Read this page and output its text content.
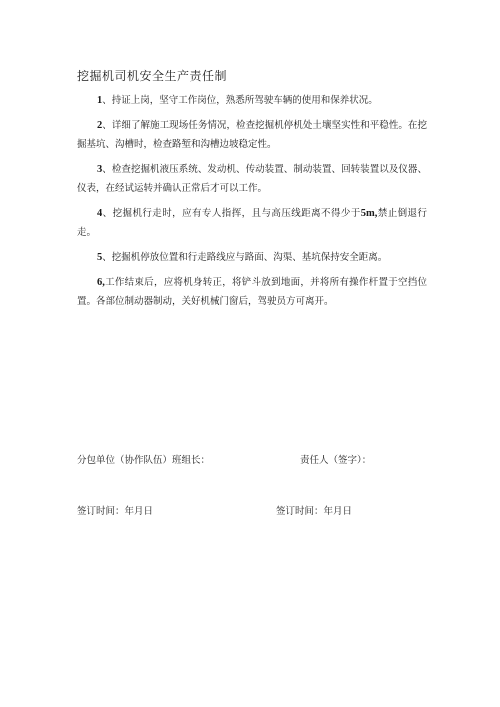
挖掘机司机安全生产责任制

1、持证上岗，坚守工作岗位，熟悉所驾驶车辆的使用和保养状况。

2、详细了解施工现场任务情况，检查挖掘机停机处土壤坚实性和平稳性。在挖掘基坑、沟槽时，检查路堑和沟槽边坡稳定性。

3、检查挖掘机液压系统、发动机、传动装置、制动装置、回转装置以及仪器、仪表，在经试运转并确认正常后才可以工作。

4、挖掘机行走时，应有专人指挥，且与高压线距离不得少于5m,禁止倒退行走。

5、挖掘机停放位置和行走路线应与路面、沟渠、基坑保持安全距离。

6,工作结束后，应将机身转正，将铲斗放到地面，并将所有操作杆置于空挡位置。各部位制动器制动，关好机械门窗后，驾驶员方可离开。

分包单位（协作队伍）班组长：	责任人（签字）：
签订时间：年月日	签订时间：年月日
